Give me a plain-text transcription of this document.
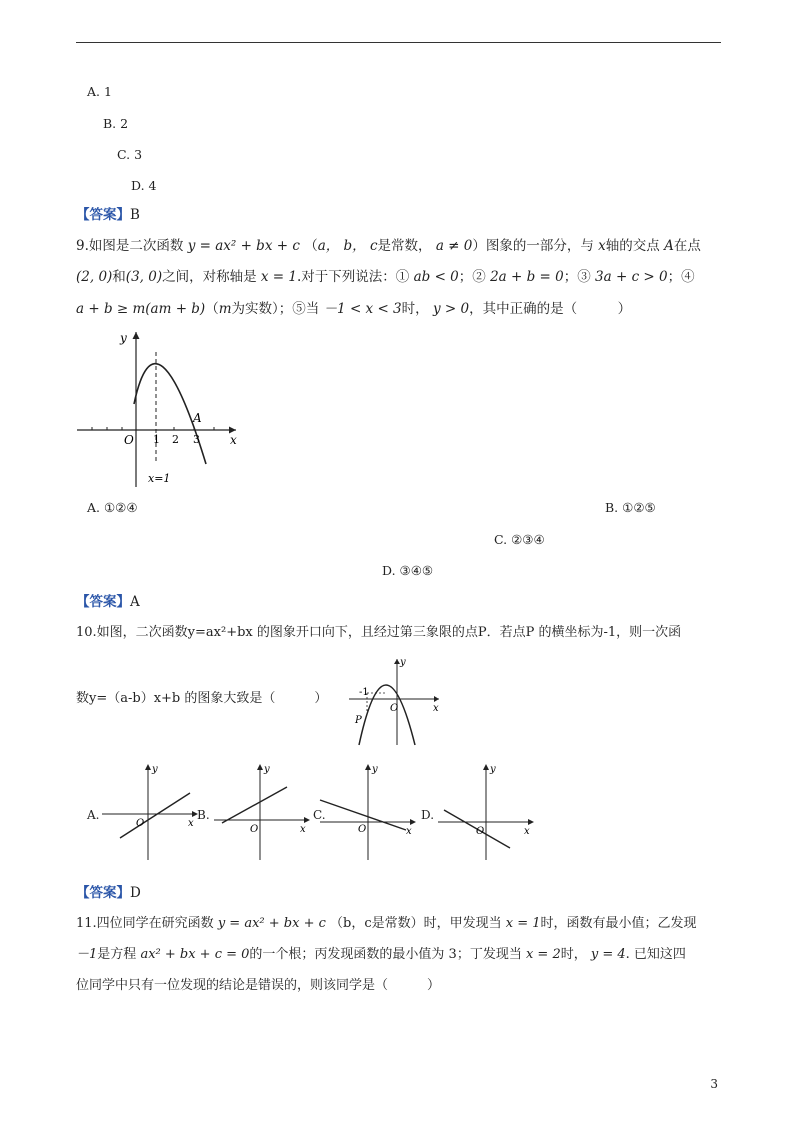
A. 1
B. 2
C. 3
D. 4
【答案】B
9.如图是二次函数 y = ax² + bx + c （a， b， c是常数， a ≠ 0）图象的一部分，与 x轴的交点 A在点
(2, 0)和(3, 0)之间，对称轴是 x = 1.对于下列说法：① ab < 0；② 2a + b = 0；③ 3a + c > 0；④
a + b ≥ m(am + b)（m为实数）；⑤当 －1 < x < 3时， y > 0，其中正确的是（　　　）
y
x
O 1 2 3
A
x=1
A. ①②④	B. ①②⑤
C. ②③④
D. ③④⑤
【答案】A
10.如图，二次函数y=ax²+bx 的图象开口向下，且经过第三象限的点P．若点P 的横坐标为-1，则一次函
数y=（a-b）x+b 的图象大致是（　　　）
y
x
O
-1
P
A.
y
x
O
B.
y
x
O
C.
y
x
O
D.
y
x
O
【答案】D
11.四位同学在研究函数 y = ax² + bx + c （b，c是常数）时，甲发现当 x = 1时，函数有最小值；乙发现
－1是方程 ax² + bx + c = 0的一个根；丙发现函数的最小值为 3；丁发现当 x = 2时， y = 4. 已知这四
位同学中只有一位发现的结论是错误的，则该同学是（　　　）
3
